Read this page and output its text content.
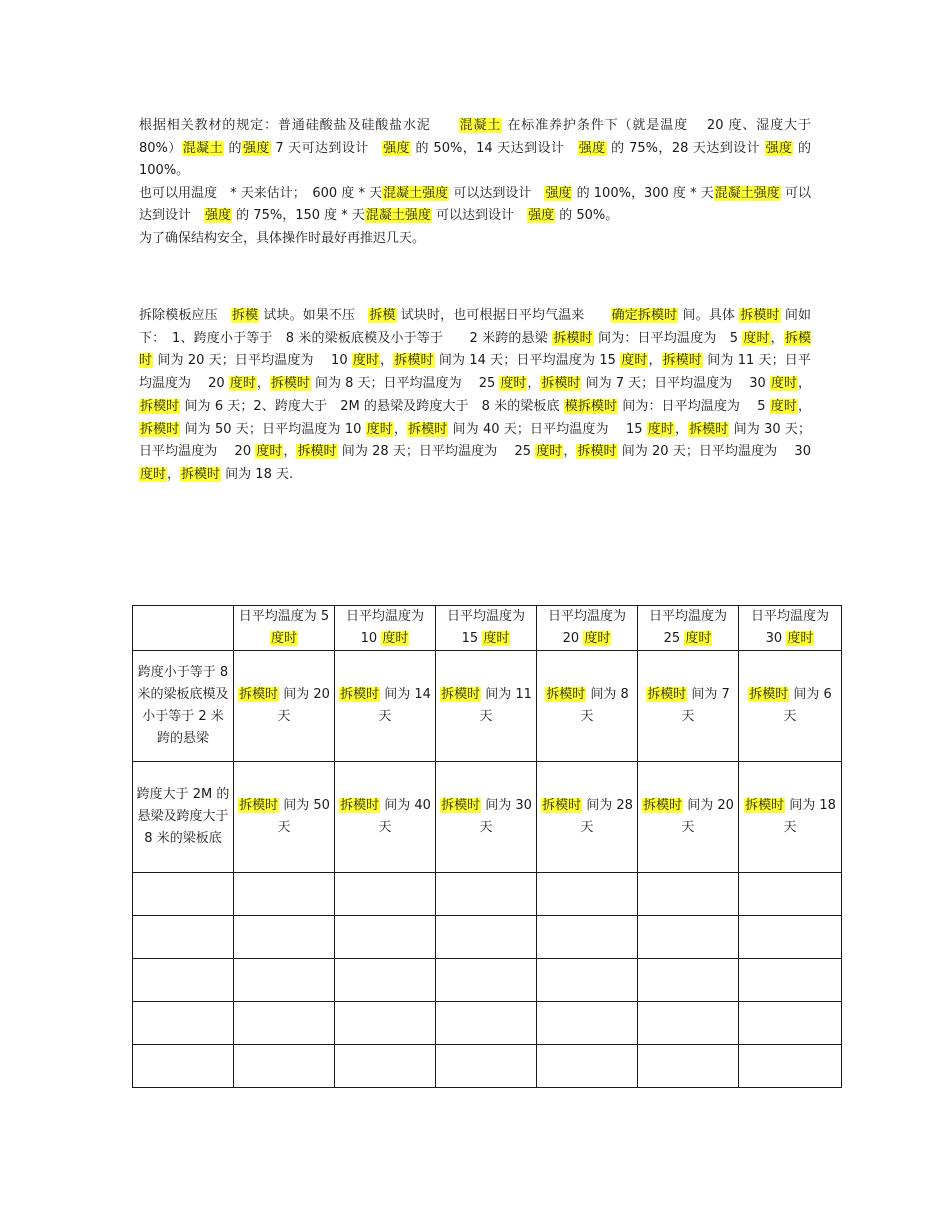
根据相关教材的规定：普通硅酸盐及硅酸盐水泥　　混凝土 在标准养护条件下（就是温度　 20 度、湿度大于　80%）混凝土 的强度 7 天可达到设计　强度 的 50%，14 天达到设计　强度 的 75%，28 天达到设计 强度 的 100%。
也可以用温度　* 天来估计；　600 度 * 天混凝土强度 可以达到设计　强度 的 100%，300 度 * 天混凝土强度 可以达到设计　强度 的 75%，150 度 * 天混凝土强度 可以达到设计　强度 的 50%。
为了确保结构安全，具体操作时最好再推迟几天。
拆除模板应压　拆模 试块。如果不压　拆模 试块时，也可根据日平均气温来　　确定拆模时 间。具体 拆模时 间如下：　1、跨度小于等于　8 米的梁板底模及小于等于　　2 米跨的悬梁 拆模时 间为：日平均温度为　5 度时，拆模时 间为 20 天；日平均温度为　 10 度时，拆模时 间为 14 天；日平均温度为 15 度时，拆模时 间为 11 天；日平均温度为　 20 度时，拆模时 间为 8 天；日平均温度为　 25 度时，拆模时 间为 7 天；日平均温度为　 30 度时，拆模时 间为 6 天；2、跨度大于　2M 的悬梁及跨度大于　8 米的梁板底 模拆模时 间为：日平均温度为　 5 度时，拆模时 间为 50 天；日平均温度为 10 度时，拆模时 间为 40 天；日平均温度为　 15 度时，拆模时 间为 30 天；日平均温度为　 20 度时，拆模时 间为 28 天；日平均温度为　 25 度时，拆模时 间为 20 天；日平均温度为　 30 度时，拆模时 间为 18 天.
	日平均温度为 5 度时	日平均温度为 10 度时	日平均温度为 15 度时	日平均温度为 20 度时	日平均温度为 25 度时	日平均温度为 30 度时
跨度小于等于 8 米的梁板底模及小于等于 2 米跨的悬梁	拆模时 间为 20 天	拆模时 间为 14 天	拆模时 间为 11 天	拆模时 间为 8 天	拆模时 间为 7 天	拆模时 间为 6 天
跨度大于 2M 的悬梁及跨度大于 8 米的梁板底	拆模时 间为 50 天	拆模时 间为 40 天	拆模时 间为 30 天	拆模时 间为 28 天	拆模时 间为 20 天	拆模时 间为 18 天
